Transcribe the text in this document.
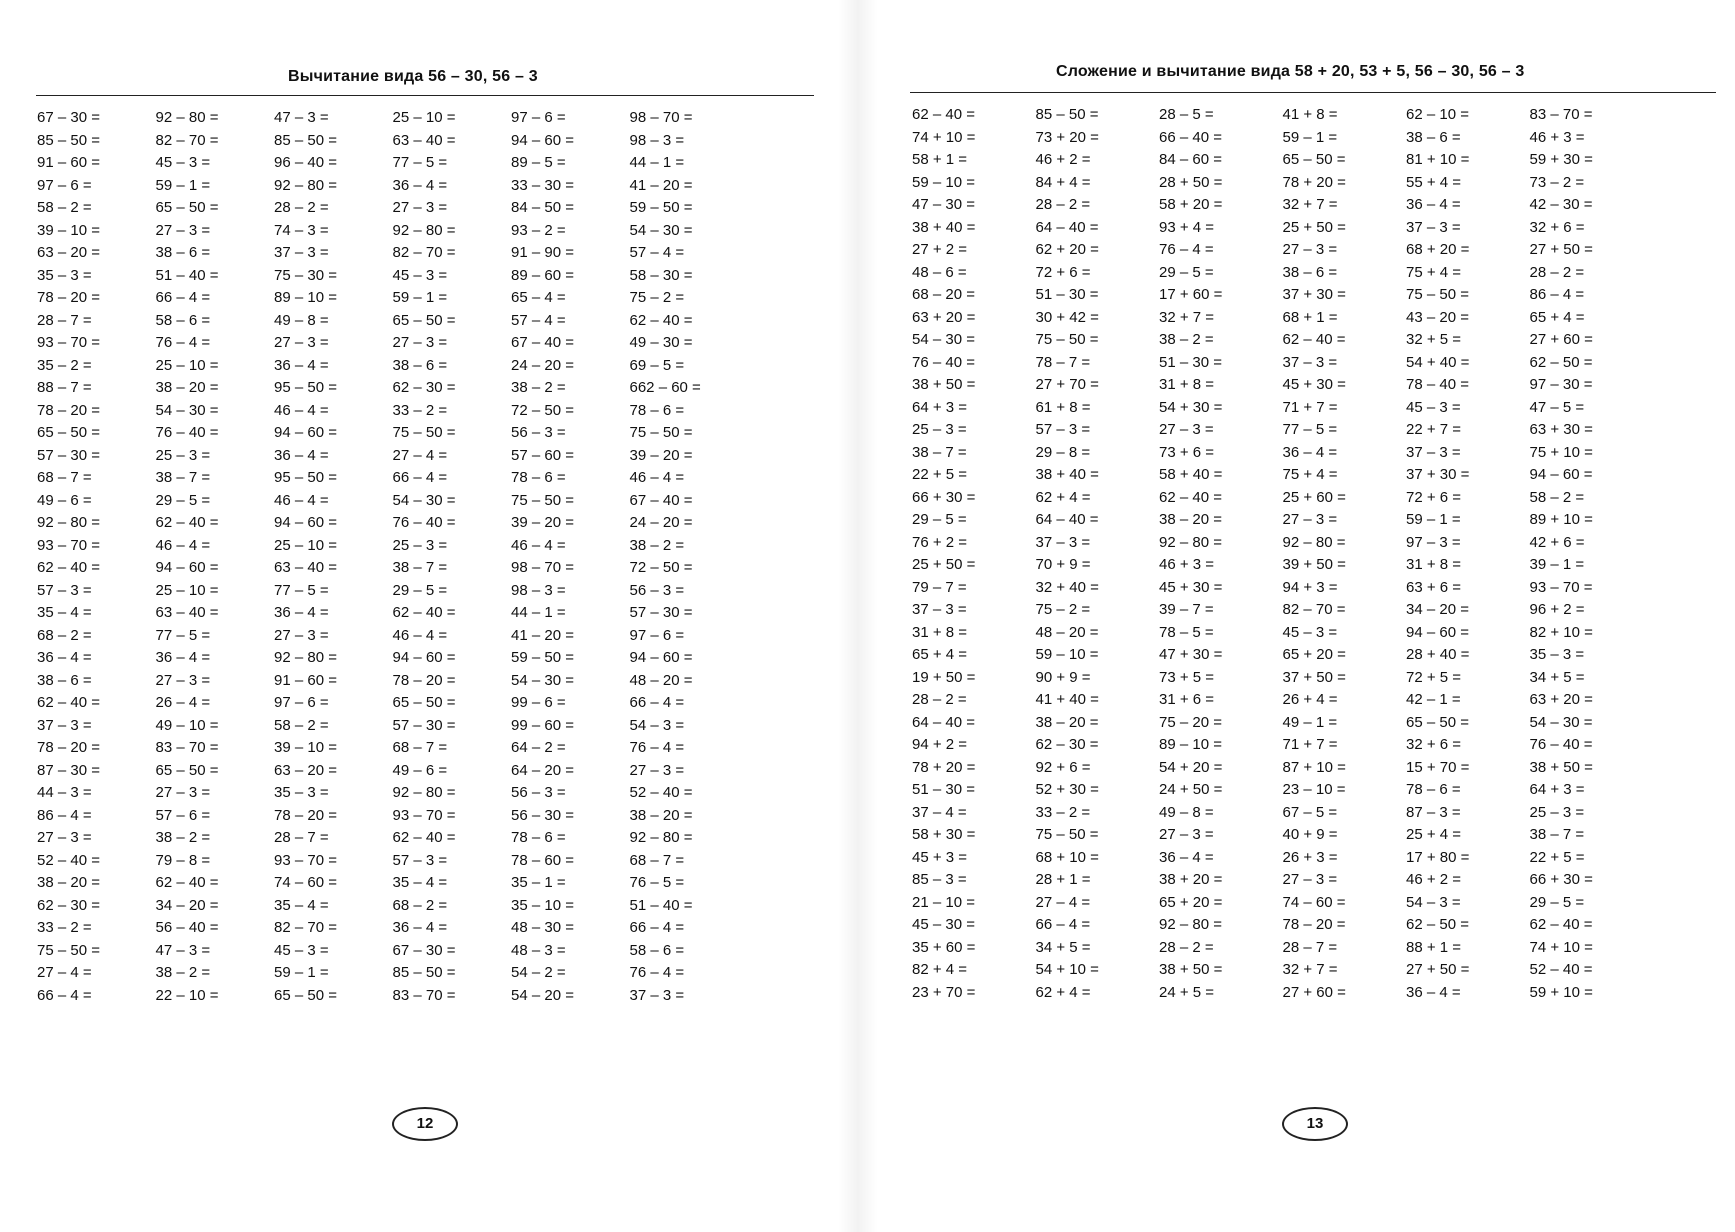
Вычитание вида 56 – 30, 56 – 3
67 – 30 =
85 – 50 =
91 – 60 =
97 – 6 =
58 – 2 =
39 – 10 =
63 – 20 =
35 – 3 =
78 – 20 =
28 – 7 =
93 – 70 =
35 – 2 =
88 – 7 =
78 – 20 =
65 – 50 =
57 – 30 =
68 – 7 =
49 – 6 =
92 – 80 =
93 – 70 =
62 – 40 =
57 – 3 =
35 – 4 =
68 – 2 =
36 – 4 =
38 – 6 =
62 – 40 =
37 – 3 =
78 – 20 =
87 – 30 =
44 – 3 =
86 – 4 =
27 – 3 =
52 – 40 =
38 – 20 =
62 – 30 =
33 – 2 =
75 – 50 =
27 – 4 =
66 – 4 =
92 – 80 =
82 – 70 =
45 – 3 =
59 – 1 =
65 – 50 =
27 – 3 =
38 – 6 =
51 – 40 =
66 – 4 =
58 – 6 =
76 – 4 =
25 – 10 =
38 – 20 =
54 – 30 =
76 – 40 =
25 – 3 =
38 – 7 =
29 – 5 =
62 – 40 =
46 – 4 =
94 – 60 =
25 – 10 =
63 – 40 =
77 – 5 =
36 – 4 =
27 – 3 =
26 – 4 =
49 – 10 =
83 – 70 =
65 – 50 =
27 – 3 =
57 – 6 =
38 – 2 =
79 – 8 =
62 – 40 =
34 – 20 =
56 – 40 =
47 – 3 =
38 – 2 =
22 – 10 =
47 – 3 =
85 – 50 =
96 – 40 =
92 – 80 =
28 – 2 =
74 – 3 =
37 – 3 =
75 – 30 =
89 – 10 =
49 – 8 =
27 – 3 =
36 – 4 =
95 – 50 =
46 – 4 =
94 – 60 =
36 – 4 =
95 – 50 =
46 – 4 =
94 – 60 =
25 – 10 =
63 – 40 =
77 – 5 =
36 – 4 =
27 – 3 =
92 – 80 =
91 – 60 =
97 – 6 =
58 – 2 =
39 – 10 =
63 – 20 =
35 – 3 =
78 – 20 =
28 – 7 =
93 – 70 =
74 – 60 =
35 – 4 =
82 – 70 =
45 – 3 =
59 – 1 =
65 – 50 =
25 – 10 =
63 – 40 =
77 – 5 =
36 – 4 =
27 – 3 =
92 – 80 =
82 – 70 =
45 – 3 =
59 – 1 =
65 – 50 =
27 – 3 =
38 – 6 =
62 – 30 =
33 – 2 =
75 – 50 =
27 – 4 =
66 – 4 =
54 – 30 =
76 – 40 =
25 – 3 =
38 – 7 =
29 – 5 =
62 – 40 =
46 – 4 =
94 – 60 =
78 – 20 =
65 – 50 =
57 – 30 =
68 – 7 =
49 – 6 =
92 – 80 =
93 – 70 =
62 – 40 =
57 – 3 =
35 – 4 =
68 – 2 =
36 – 4 =
67 – 30 =
85 – 50 =
83 – 70 =
97 – 6 =
94 – 60 =
89 – 5 =
33 – 30 =
84 – 50 =
93 – 2 =
91 – 90 =
89 – 60 =
65 – 4 =
57 – 4 =
67 – 40 =
24 – 20 =
38 – 2 =
72 – 50 =
56 – 3 =
57 – 60 =
78 – 6 =
75 – 50 =
39 – 20 =
46 – 4 =
98 – 70 =
98 – 3 =
44 – 1 =
41 – 20 =
59 – 50 =
54 – 30 =
99 – 6 =
99 – 60 =
64 – 2 =
64 – 20 =
56 – 3 =
56 – 30 =
78 – 6 =
78 – 60 =
35 – 1 =
35 – 10 =
48 – 30 =
48 – 3 =
54 – 2 =
54 – 20 =
98 – 70 =
98 – 3 =
44 – 1 =
41 – 20 =
59 – 50 =
54 – 30 =
57 – 4 =
58 – 30 =
75 – 2 =
62 – 40 =
49 – 30 =
69 – 5 =
662 – 60 =
78 – 6 =
75 – 50 =
39 – 20 =
46 – 4 =
67 – 40 =
24 – 20 =
38 – 2 =
72 – 50 =
56 – 3 =
57 – 30 =
97 – 6 =
94 – 60 =
48 – 20 =
66 – 4 =
54 – 3 =
76 – 4 =
27 – 3 =
52 – 40 =
38 – 20 =
92 – 80 =
68 – 7 =
76 – 5 =
51 – 40 =
66 – 4 =
58 – 6 =
76 – 4 =
37 – 3 =
12
Сложение и вычитание вида 58 + 20, 53 + 5, 56 – 30, 56 – 3
62 – 40 =
74 + 10 =
58 + 1 =
59 – 10 =
47 – 30 =
38 + 40 =
27 + 2 =
48 – 6 =
68 – 20 =
63 + 20 =
54 – 30 =
76 – 40 =
38 + 50 =
64 + 3 =
25 – 3 =
38 – 7 =
22 + 5 =
66 + 30 =
29 – 5 =
76 + 2 =
25 + 50 =
79 – 7 =
37 – 3 =
31 + 8 =
65 + 4 =
19 + 50 =
28 – 2 =
64 – 40 =
94 + 2 =
78 + 20 =
51 – 30 =
37 – 4 =
58 + 30 =
45 + 3 =
85 – 3 =
21 – 10 =
45 – 30 =
35 + 60 =
82 + 4 =
23 + 70 =
85 – 50 =
73 + 20 =
46 + 2 =
84 + 4 =
28 – 2 =
64 – 40 =
62 + 20 =
72 + 6 =
51 – 30 =
30 + 42 =
75 – 50 =
78 – 7 =
27 + 70 =
61 + 8 =
57 – 3 =
29 – 8 =
38 + 40 =
62 + 4 =
64 – 40 =
37 – 3 =
70 + 9 =
32 + 40 =
75 – 2 =
48 – 20 =
59 – 10 =
90 + 9 =
41 + 40 =
38 – 20 =
62 – 30 =
92 + 6 =
52 + 30 =
33 – 2 =
75 – 50 =
68 + 10 =
28 + 1 =
27 – 4 =
66 – 4 =
34 + 5 =
54 + 10 =
62 + 4 =
28 – 5 =
66 – 40 =
84 – 60 =
28 + 50 =
58 + 20 =
93 + 4 =
76 – 4 =
29 – 5 =
17 + 60 =
32 + 7 =
38 – 2 =
51 – 30 =
31 + 8 =
54 + 30 =
27 – 3 =
73 + 6 =
58 + 40 =
62 – 40 =
38 – 20 =
92 – 80 =
46 + 3 =
45 + 30 =
39 – 7 =
78 – 5 =
47 + 30 =
73 + 5 =
31 + 6 =
75 – 20 =
89 – 10 =
54 + 20 =
24 + 50 =
49 – 8 =
27 – 3 =
36 – 4 =
38 + 20 =
65 + 20 =
92 – 80 =
28 – 2 =
38 + 50 =
24 + 5 =
41 + 8 =
59 – 1 =
65 – 50 =
78 + 20 =
32 + 7 =
25 + 50 =
27 – 3 =
38 – 6 =
37 + 30 =
68 + 1 =
62 – 40 =
37 – 3 =
45 + 30 =
71 + 7 =
77 – 5 =
36 – 4 =
75 + 4 =
25 + 60 =
27 – 3 =
92 – 80 =
39 + 50 =
94 + 3 =
82 – 70 =
45 – 3 =
65 + 20 =
37 + 50 =
26 + 4 =
49 – 1 =
71 + 7 =
87 + 10 =
23 – 10 =
67 – 5 =
40 + 9 =
26 + 3 =
27 – 3 =
74 – 60 =
78 – 20 =
28 – 7 =
32 + 7 =
27 + 60 =
62 – 10 =
38 – 6 =
81 + 10 =
55 + 4 =
36 – 4 =
37 – 3 =
68 + 20 =
75 + 4 =
75 – 50 =
43 – 20 =
32 + 5 =
54 + 40 =
78 – 40 =
45 – 3 =
22 + 7 =
37 – 3 =
37 + 30 =
72 + 6 =
59 – 1 =
97 – 3 =
31 + 8 =
63 + 6 =
34 – 20 =
94 – 60 =
28 + 40 =
72 + 5 =
42 – 1 =
65 – 50 =
32 + 6 =
15 + 70 =
78 – 6 =
87 – 3 =
25 + 4 =
17 + 80 =
46 + 2 =
54 – 3 =
62 – 50 =
88 + 1 =
27 + 50 =
36 – 4 =
83 – 70 =
46 + 3 =
59 + 30 =
73 – 2 =
42 – 30 =
32 + 6 =
27 + 50 =
28 – 2 =
86 – 4 =
65 + 4 =
27 + 60 =
62 – 50 =
97 – 30 =
47 – 5 =
63 + 30 =
75 + 10 =
94 – 60 =
58 – 2 =
89 + 10 =
42 + 6 =
39 – 1 =
93 – 70 =
96 + 2 =
82 + 10 =
35 – 3 =
34 + 5 =
63 + 20 =
54 – 30 =
76 – 40 =
38 + 50 =
64 + 3 =
25 – 3 =
38 – 7 =
22 + 5 =
66 + 30 =
29 – 5 =
62 – 40 =
74 + 10 =
52 – 40 =
59 + 10 =
13
